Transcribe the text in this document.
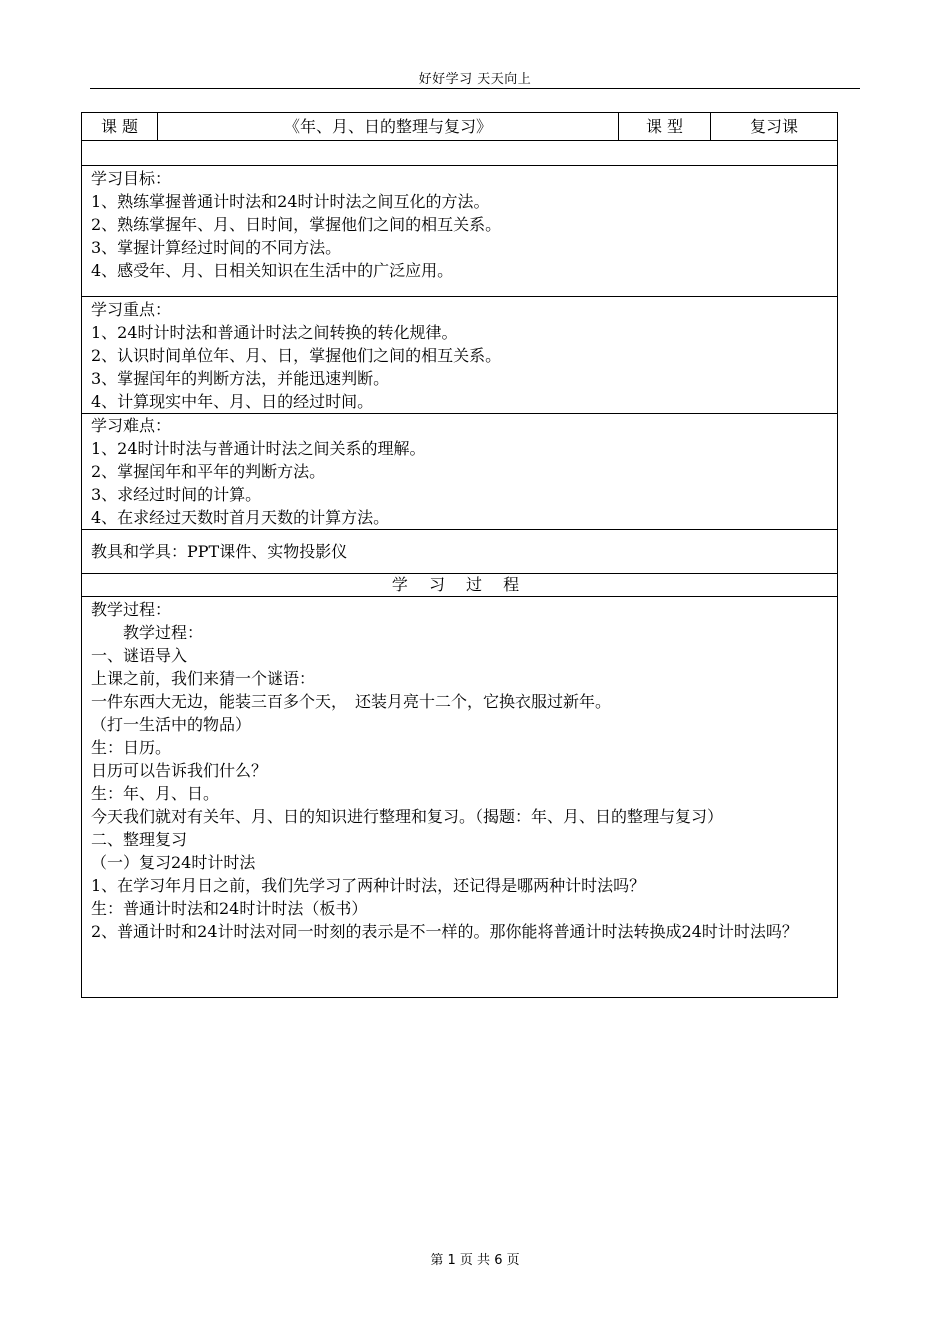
好好学习 天天向上
课 题	《年、月、日的整理与复习》	课 型	复习课

学习目标：
1、熟练掌握普通计时法和24时计时法之间互化的方法。
2、熟练掌握年、月、日时间，掌握他们之间的相互关系。
3、掌握计算经过时间的不同方法。
4、感受年、月、日相关知识在生活中的广泛应用。

学习重点：
1、24时计时法和普通计时法之间转换的转化规律。
2、认识时间单位年、月、日，掌握他们之间的相互关系。
3、掌握闰年的判断方法，并能迅速判断。
4、计算现实中年、月、日的经过时间。

学习难点：
1、24时计时法与普通计时法之间关系的理解。
2、掌握闰年和平年的判断方法。
3、求经过时间的计算。
4、在求经过天数时首月天数的计算方法。

教具和学具：PPT课件、实物投影仪
学 习 过 程

教学过程：
　　教学过程：
一、谜语导入
上课之前，我们来猜一个谜语：
一件东西大无边，能装三百多个天，　还装月亮十二个，它换衣服过新年。
（打一生活中的物品）
生：日历。
日历可以告诉我们什么？
生：年、月、日。
今天我们就对有关年、月、日的知识进行整理和复习。（揭题：年、月、日的整理与复习）
二、整理复习
（一）复习24时计时法
1、在学习年月日之前，我们先学习了两种计时法，还记得是哪两种计时法吗？
生：普通计时法和24时计时法（板书）
2、普通计时和24计时法对同一时刻的表示是不一样的。那你能将普通计时法转换成24时计时法吗？
第 1 页 共 6 页
